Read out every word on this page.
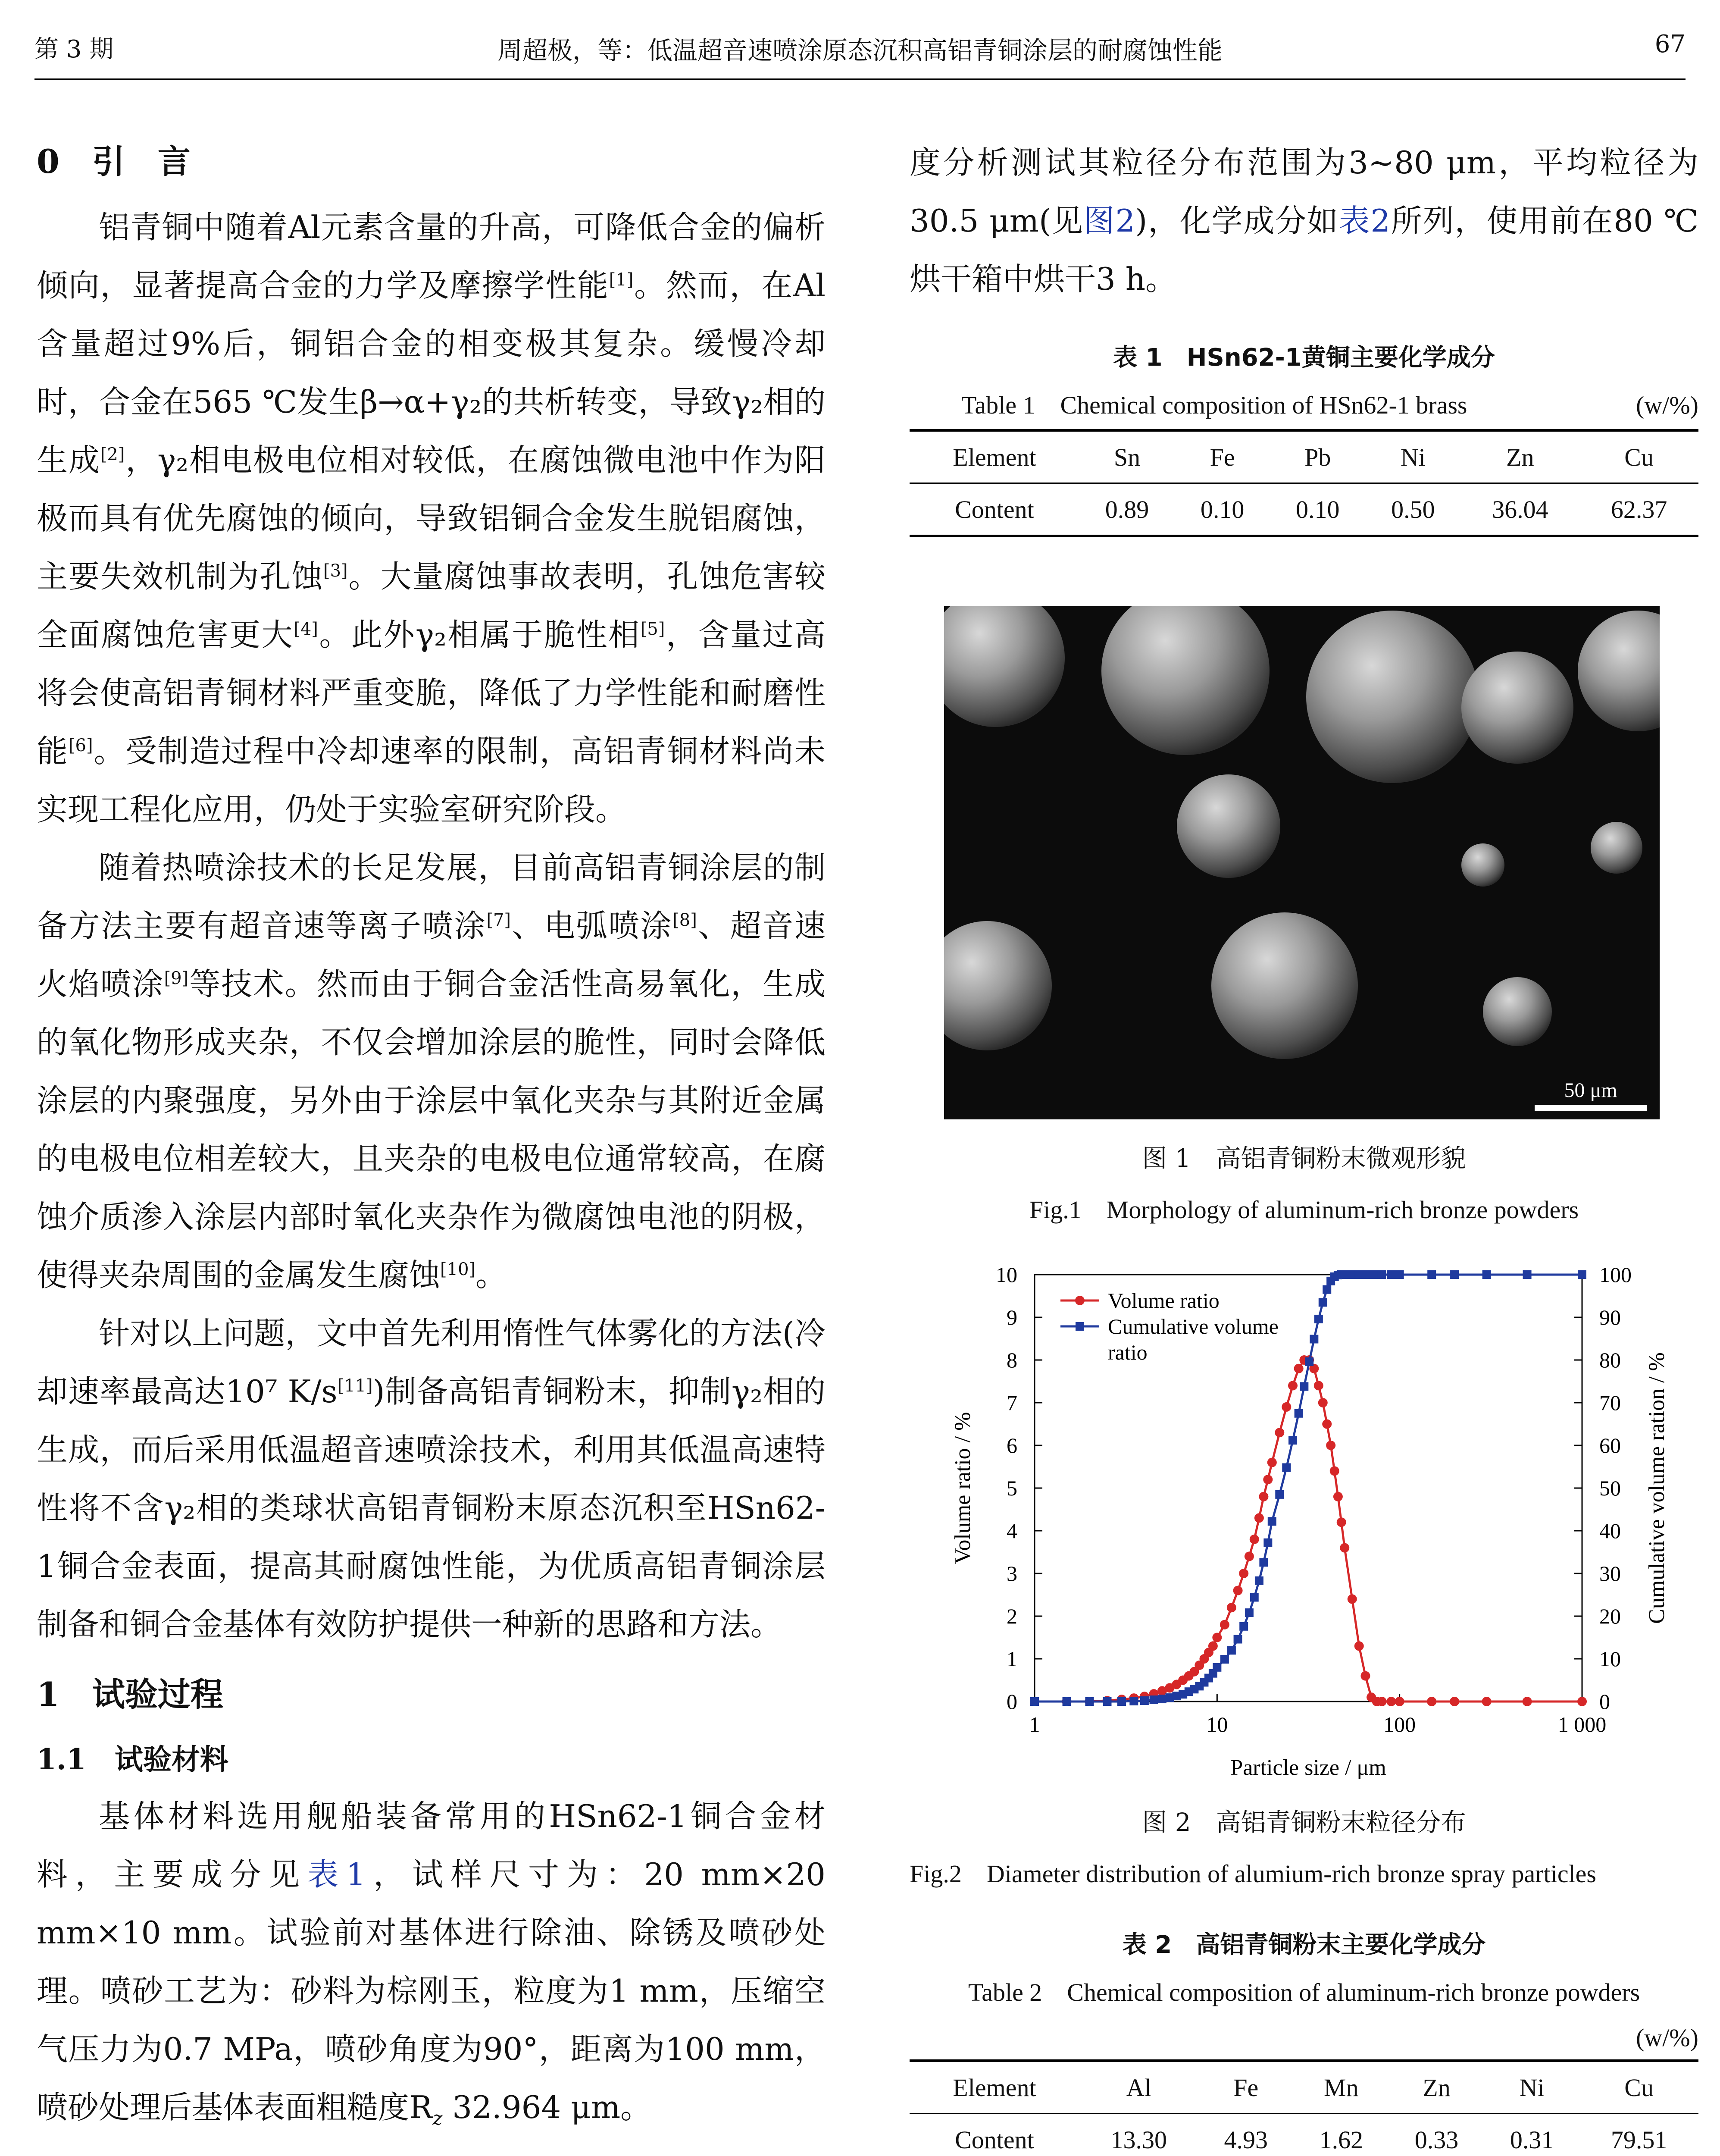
第 3 期	周超极，等：低温超音速喷涂原态沉积高铝青铜涂层的耐腐蚀性能	67
0　引　言

铝青铜中随着Al元素含量的升高，可降低合金的偏析倾向，显著提高合金的力学及摩擦学性能[1]。然而，在Al含量超过9%后，铜铝合金的相变极其复杂。缓慢冷却时，合金在565 ℃发生β→α+γ₂的共析转变，导致γ₂相的生成[2]，γ₂相电极电位相对较低，在腐蚀微电池中作为阳极而具有优先腐蚀的倾向，导致铝铜合金发生脱铝腐蚀，主要失效机制为孔蚀[3]。大量腐蚀事故表明，孔蚀危害较全面腐蚀危害更大[4]。此外γ₂相属于脆性相[5]，含量过高将会使高铝青铜材料严重变脆，降低了力学性能和耐磨性能[6]。受制造过程中冷却速率的限制，高铝青铜材料尚未实现工程化应用，仍处于实验室研究阶段。

随着热喷涂技术的长足发展，目前高铝青铜涂层的制备方法主要有超音速等离子喷涂[7]、电弧喷涂[8]、超音速火焰喷涂[9]等技术。然而由于铜合金活性高易氧化，生成的氧化物形成夹杂，不仅会增加涂层的脆性，同时会降低涂层的内聚强度，另外由于涂层中氧化夹杂与其附近金属的电极电位相差较大，且夹杂的电极电位通常较高，在腐蚀介质渗入涂层内部时氧化夹杂作为微腐蚀电池的阴极，使得夹杂周围的金属发生腐蚀[10]。

针对以上问题，文中首先利用惰性气体雾化的方法(冷却速率最高达10⁷ K/s[11])制备高铝青铜粉末，抑制γ₂相的生成，而后采用低温超音速喷涂技术，利用其低温高速特性将不含γ₂相的类球状高铝青铜粉末原态沉积至HSn62-1铜合金表面，提高其耐腐蚀性能，为优质高铝青铜涂层制备和铜合金基体有效防护提供一种新的思路和方法。

1　试验过程
1.1　试验材料

基体材料选用舰船装备常用的HSn62-1铜合金材料，主要成分见表1，试样尺寸为：20 mm×20 mm×10 mm。试验前对基体进行除油、除锈及喷砂处理。喷砂工艺为：砂料为棕刚玉，粒度为1 mm，压缩空气压力为0.7 MPa，喷砂角度为90°，距离为100 mm，喷砂处理后基体表面粗糙度$R_z$ 32.964 μm。

度分析测试其粒径分布范围为3~80 μm，平均粒径为30.5 μm(见图2)，化学成分如表2所列，使用前在80 ℃烘干箱中烘干3 h。

表 1　HSn62-1黄铜主要化学成分
Table 1　Chemical composition of HSn62-1 brass	(w/%)
Element	Sn	Fe	Pb	Ni	Zn	Cu
Content	0.89	0.10	0.10	0.50	36.04	62.37
50 μm
图 1　高铝青铜粉末微观形貌
Fig.1　Morphology of aluminum-rich bronze powders
1	10	100	1 000
0
1
2
3
4
5
6
7
8
9
10
0
10
20
30
40
50
60
70
80
90
100
Particle size / μm
Volume ratio / %	Cumulative volume ration / %
Volume ratio
Cumulative volume
ratio
图 2　高铝青铜粉末粒径分布
Fig.2　Diameter distribution of alumium-rich bronze spray particles
表 2　高铝青铜粉末主要化学成分
Table 2　Chemical composition of aluminum-rich bronze powders
(w/%)
Element	Al	Fe	Mn	Zn	Ni	Cu
Content	13.30	4.93	1.62	0.33	0.31	79.51
